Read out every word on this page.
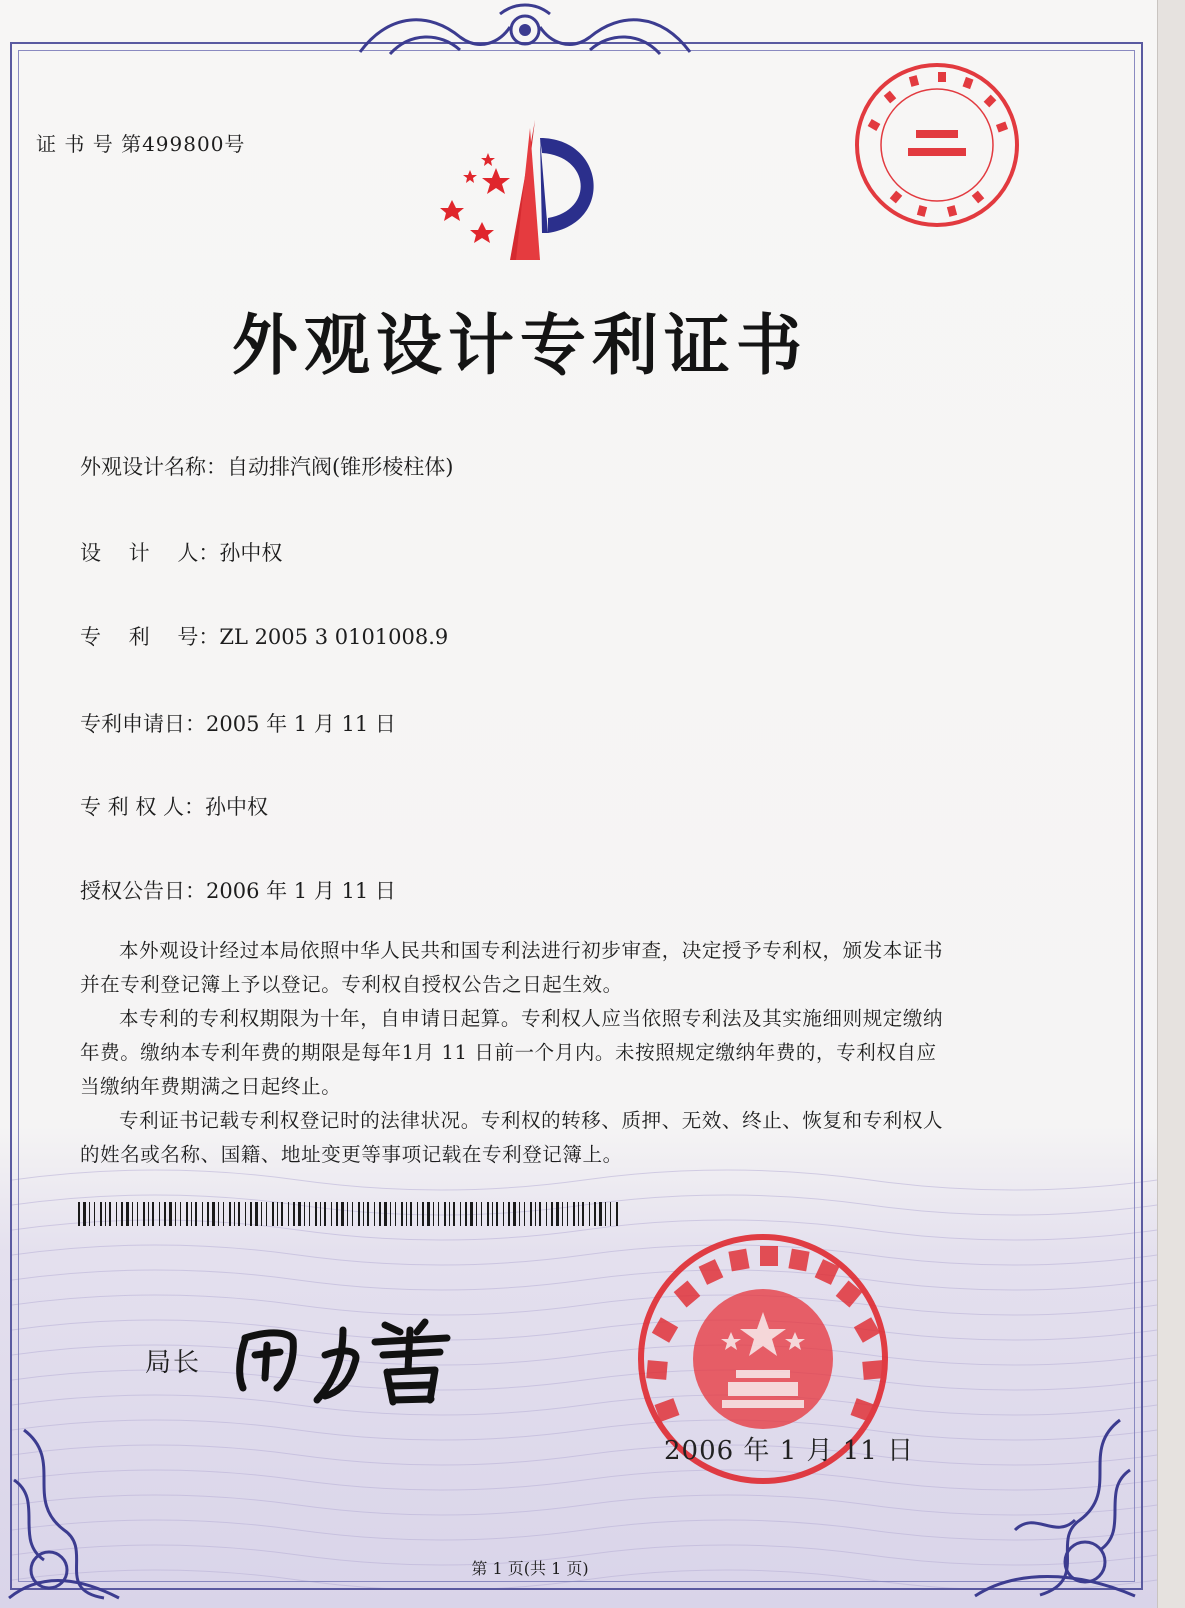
证 书 号 第499800号
外观设计专利证书
外观设计名称：自动排汽阀(锥形棱柱体)
设　 计　 人：孙中权
专　 利　 号：ZL 2005 3 0101008.9
专利申请日：2005 年 1 月 11 日
专 利 权 人：孙中权
授权公告日：2006 年 1 月 11 日

本外观设计经过本局依照中华人民共和国专利法进行初步审查，决定授予专利权，颁发本证书并在专利登记簿上予以登记。专利权自授权公告之日起生效。

本专利的专利权期限为十年，自申请日起算。专利权人应当依照专利法及其实施细则规定缴纳年费。缴纳本专利年费的期限是每年1月 11 日前一个月内。未按照规定缴纳年费的，专利权自应当缴纳年费期满之日起终止。

专利证书记载专利权登记时的法律状况。专利权的转移、质押、无效、终止、恢复和专利权人的姓名或名称、国籍、地址变更等事项记载在专利登记簿上。

局长
2006 年 1 月 11 日
第 1 页(共 1 页)
